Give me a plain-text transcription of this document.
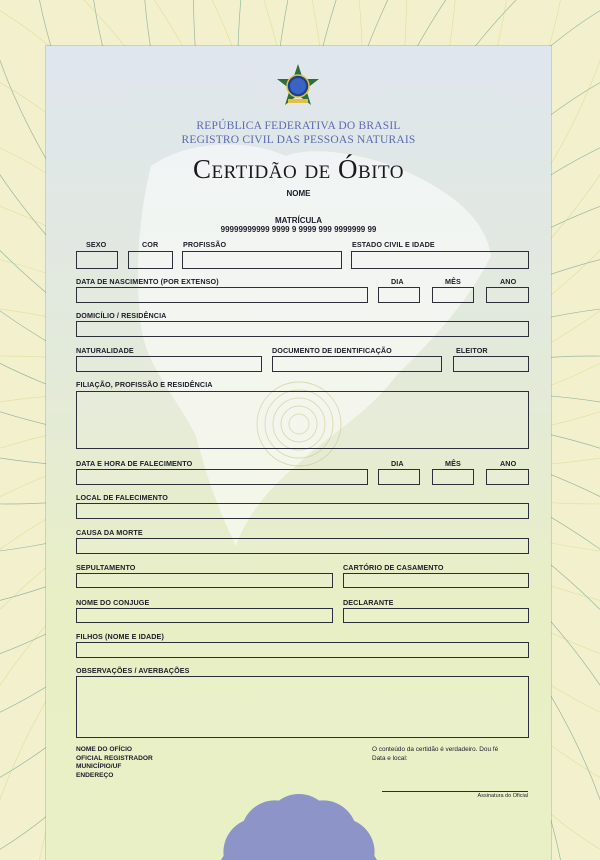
REPÚBLICA FEDERATIVA DO BRASIL
REGISTRO CIVIL DAS PESSOAS NATURAIS
Certidão de Óbito
NOME
MATRÍCULA
99999999999 9999 9 9999 999 9999999 99
SEXO	COR	PROFISSÃO	ESTADO CIVIL E IDADE
DATA DE NASCIMENTO (POR EXTENSO)	DIA	MÊS	ANO
DOMICÍLIO / RESIDÊNCIA
NATURALIDADE	DOCUMENTO DE IDENTIFICAÇÃO	ELEITOR
FILIAÇÃO, PROFISSÃO E RESIDÊNCIA
DATA E HORA DE FALECIMENTO	DIA	MÊS	ANO
LOCAL DE FALECIMENTO
CAUSA DA MORTE
SEPULTAMENTO	CARTÓRIO DE CASAMENTO
NOME DO CONJUGE	DECLARANTE
FILHOS (NOME E IDADE)
OBSERVAÇÕES / AVERBAÇÕES
NOME DO OFÍCIO
OFICIAL REGISTRADOR
MUNICÍPIO/UF
ENDEREÇO
O conteúdo da certidão é verdadeiro. Dou fé
Data e local:
Assinatura do Oficial
